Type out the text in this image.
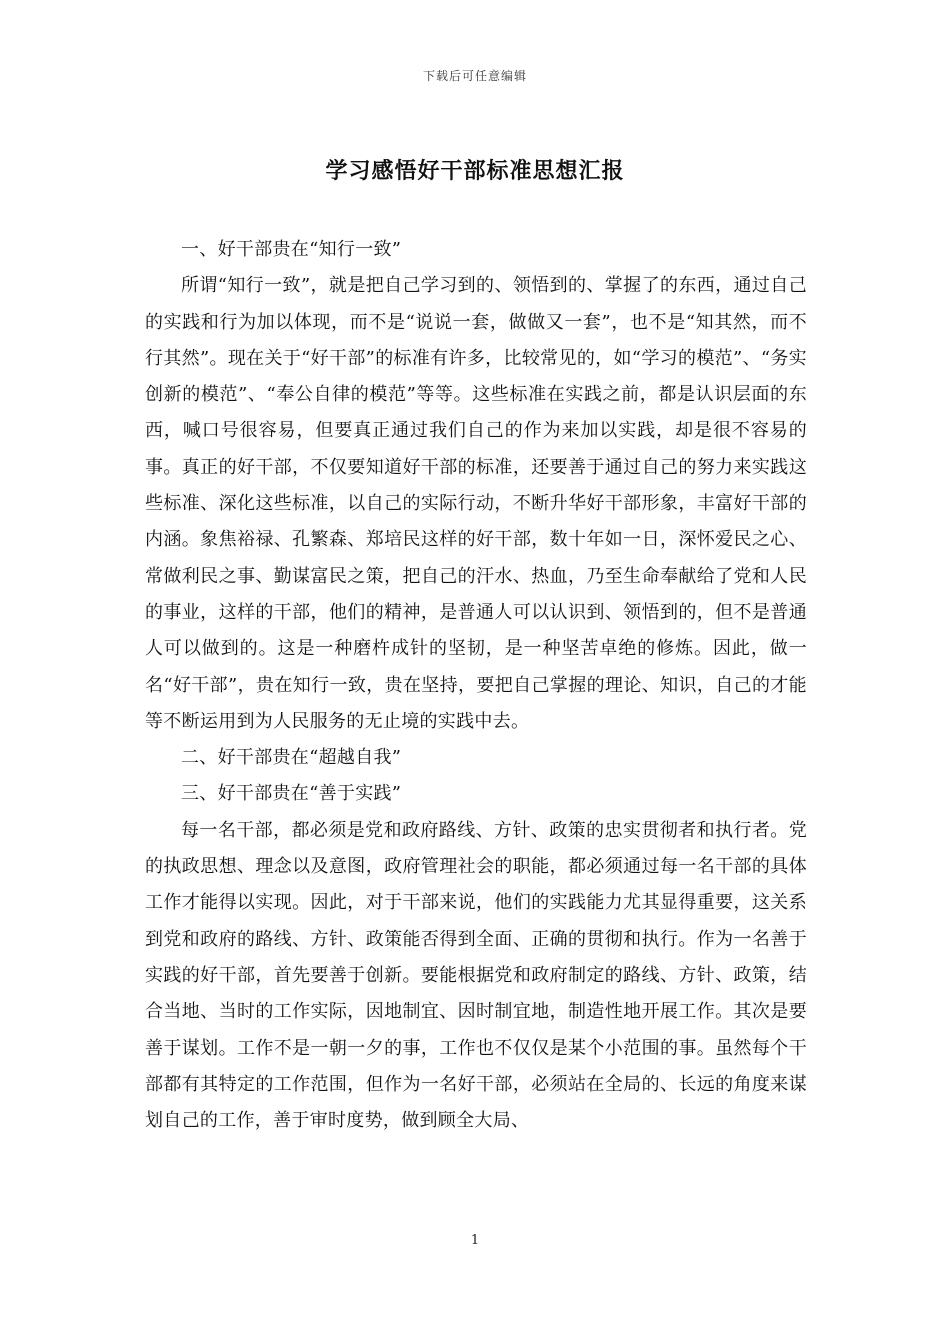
下载后可任意编辑
学习感悟好干部标准思想汇报

一、好干部贵在“知行一致”

所谓“知行一致”，就是把自己学习到的、领悟到的、掌握了的东西，通过自己的实践和行为加以体现，而不是“说说一套，做做又一套”，也不是“知其然，而不行其然”。现在关于“好干部”的标准有许多，比较常见的，如“学习的模范”、“务实创新的模范”、“奉公自律的模范”等等。这些标准在实践之前，都是认识层面的东西，喊口号很容易，但要真正通过我们自己的作为来加以实践，却是很不容易的事。真正的好干部，不仅要知道好干部的标准，还要善于通过自己的努力来实践这些标准、深化这些标准，以自己的实际行动，不断升华好干部形象，丰富好干部的内涵。象焦裕禄、孔繁森、郑培民这样的好干部，数十年如一日，深怀爱民之心、常做利民之事、勤谋富民之策，把自己的汗水、热血，乃至生命奉献给了党和人民的事业，这样的干部，他们的精神，是普通人可以认识到、领悟到的，但不是普通人可以做到的。这是一种磨杵成针的坚韧，是一种坚苦卓绝的修炼。因此，做一名“好干部”，贵在知行一致，贵在坚持，要把自己掌握的理论、知识，自己的才能等不断运用到为人民服务的无止境的实践中去。

二、好干部贵在“超越自我”

三、好干部贵在“善于实践”

每一名干部，都必须是党和政府路线、方针、政策的忠实贯彻者和执行者。党的执政思想、理念以及意图，政府管理社会的职能，都必须通过每一名干部的具体工作才能得以实现。因此，对于干部来说，他们的实践能力尤其显得重要，这关系到党和政府的路线、方针、政策能否得到全面、正确的贯彻和执行。作为一名善于实践的好干部，首先要善于创新。要能根据党和政府制定的路线、方针、政策，结合当地、当时的工作实际，因地制宜、因时制宜地，制造性地开展工作。其次是要善于谋划。工作不是一朝一夕的事，工作也不仅仅是某个小范围的事。虽然每个干部都有其特定的工作范围，但作为一名好干部，必须站在全局的、长远的角度来谋划自己的工作，善于审时度势，做到顾全大局、

1
